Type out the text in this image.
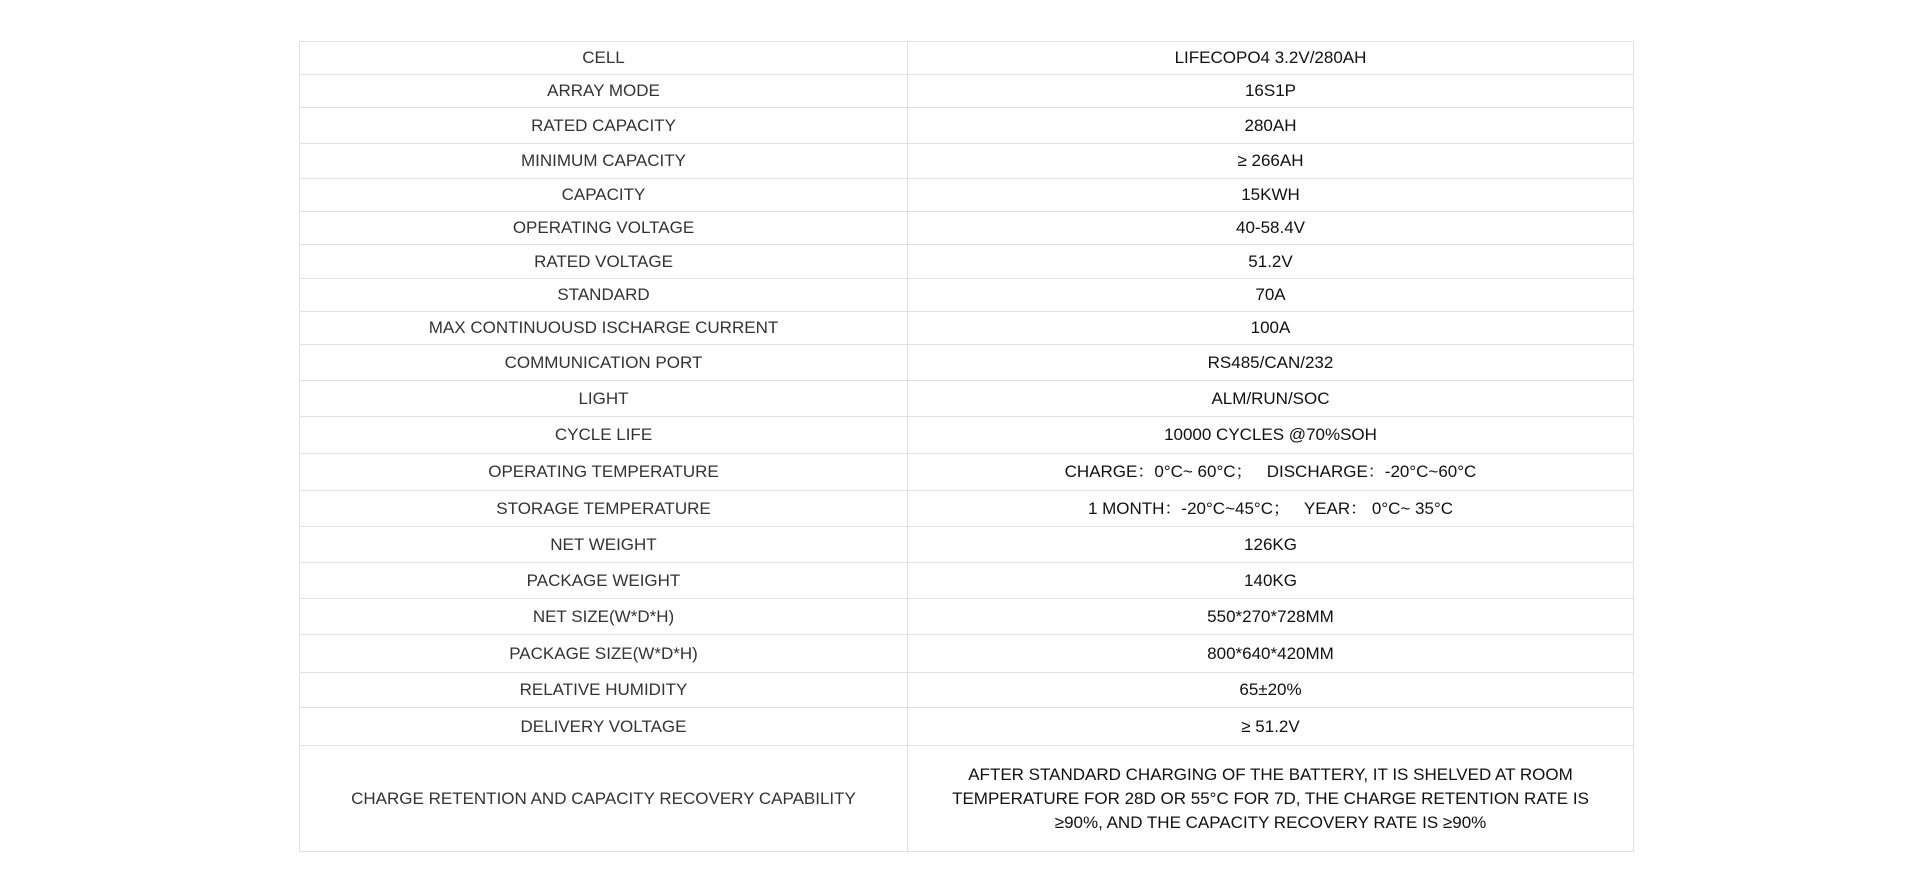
CELL	LIFECOPO4 3.2V/280AH
ARRAY MODE	16S1P
RATED CAPACITY	280AH
MINIMUM CAPACITY	≥ 266AH
CAPACITY	15KWH
OPERATING VOLTAGE	40-58.4V
RATED VOLTAGE	51.2V
STANDARD	70A
MAX CONTINUOUSD ISCHARGE CURRENT	100A
COMMUNICATION PORT	RS485/CAN/232
LIGHT	ALM/RUN/SOC
CYCLE LIFE	10000 CYCLES @70%SOH
OPERATING TEMPERATURE	CHARGE：0°C~ 60°C；   DISCHARGE：-20°C~60°C
STORAGE TEMPERATURE	1 MONTH：-20°C~45°C；   YEAR： 0°C~ 35°C
NET WEIGHT	126KG
PACKAGE WEIGHT	140KG
NET SIZE(W*D*H)	550*270*728MM
PACKAGE SIZE(W*D*H)	800*640*420MM
RELATIVE HUMIDITY	65±20%
DELIVERY VOLTAGE	≥ 51.2V
CHARGE RETENTION AND CAPACITY RECOVERY CAPABILITY	AFTER STANDARD CHARGING OF THE BATTERY, IT IS SHELVED AT ROOM TEMPERATURE FOR 28D OR 55°C FOR 7D, THE CHARGE RETENTION RATE IS ≥90%, AND THE CAPACITY RECOVERY RATE IS ≥90%
